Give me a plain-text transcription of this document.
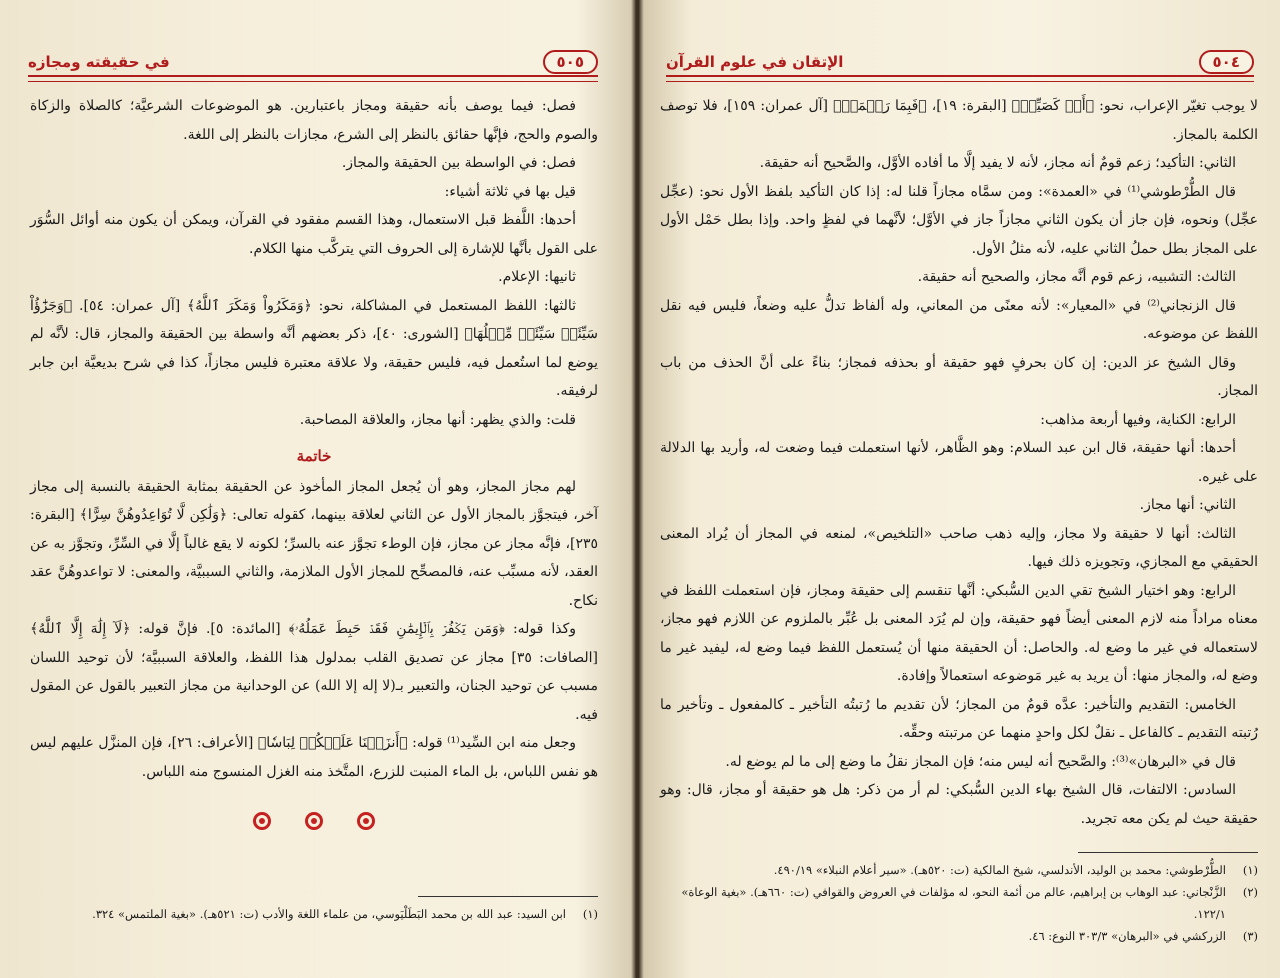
٥٠٥
في حقيقته ومجازه

فصل: فيما يوصف بأنه حقيقة ومجاز باعتبارين. هو الموضوعات الشرعيَّة؛ كالصلاة والزكاة والصوم والحج، فإنَّها حقائق بالنظر إلى الشرع، مجازات بالنظر إلى اللغة.

فصل: في الواسطة بين الحقيقة والمجاز.

قيل بها في ثلاثة أشياء:

أحدها: اللَّفظ قبل الاستعمال، وهذا القسم مفقود في القرآن، ويمكن أن يكون منه أوائل السُّوَر على القول بأنَّها للإشارة إلى الحروف التي يتركَّب منها الكلام.

ثانيها: الإعلام.

ثالثها: اللفظ المستعمل في المشاكلة، نحو: ﴿وَمَكَرُواْ وَمَكَرَ ٱللَّهُ﴾ [آل عمران: ٥٤]. ﴿وَجَزَٰٓؤُاْ سَيِّئَةٖ سَيِّئَةٞ مِّثۡلُهَا﴾ [الشورى: ٤٠]، ذكر بعضهم أنَّه واسطة بين الحقيقة والمجاز، قال: لأنَّه لم يوضع لما استُعمل فيه، فليس حقيقة، ولا علاقة معتبرة فليس مجازاً، كذا في شرح بديعيَّة ابن جابر لرفيقه.

قلت: والذي يظهر: أنها مجاز، والعلاقة المصاحبة.

خاتمة

لهم مجاز المجاز، وهو أن يُجعل المجاز المأخوذ عن الحقيقة بمثابة الحقيقة بالنسبة إلى مجاز آخر، فيتجوَّز بالمجاز الأول عن الثاني لعلاقة بينهما، كقوله تعالى: ﴿وَلَٰكِن لَّا تُوَاعِدُوهُنَّ سِرًّا﴾ [البقرة: ٢٣٥]، فإنَّه مجاز عن مجاز، فإن الوطء تجوَّز عنه بالسرِّ؛ لكونه لا يقع غالباً إلَّا في السِّرِّ، وتجوَّز به عن العقد، لأنه مسبِّب عنه، فالمصحِّح للمجاز الأول الملازمة، والثاني السببيَّة، والمعنى: لا تواعدوهُنَّ عقد نكاح.

وكذا قوله: ﴿وَمَن يَكۡفُرۡ بِٱلۡإِيمَٰنِ فَقَدۡ حَبِطَ عَمَلُهُۥ﴾ [المائدة: ٥]. فإنَّ قوله: ﴿لَآ إِلَٰهَ إِلَّا ٱللَّهُ﴾ [الصافات: ٣٥] مجاز عن تصديق القلب بمدلول هذا اللفظ، والعلاقة السببيَّة؛ لأن توحيد اللسان مسبب عن توحيد الجنان، والتعبير بـ(لا إله إلا الله) عن الوحدانية من مجاز التعبير بالقول عن المقول فيه.

وجعل منه ابن السِّيد⁽¹⁾ قوله: ﴿أَنزَلۡنَا عَلَيۡكُمۡ لِبَاسٗا﴾ [الأعراف: ٢٦]، فإن المنزَّل عليهم ليس هو نفس اللباس، بل الماء المنبت للزرع، المتَّخذ منه الغزل المنسوج منه اللباس.

(١)
ابن السيد: عبد الله بن محمد البَطَلْيَوسي، من علماء اللغة والأدب (ت: ٥٢١هـ). «بغية الملتمس» ٣٢٤.
٥٠٤
الإتقان في علوم القرآن

لا يوجب تغيّر الإعراب، نحو: ﴿أَوۡ كَصَيِّبٖ﴾ [البقرة: ١٩]، ﴿فَبِمَا رَحۡمَةٖ﴾ [آل عمران: ١٥٩]، فلا توصف الكلمة بالمجاز.

الثاني: التأكيد؛ زعم قومٌ أنه مجاز، لأنه لا يفيد إلَّا ما أفاده الأوَّل، والصَّحيح أنه حقيقة.

قال الطُّرْطوشي⁽¹⁾ في «العمدة»: ومن سمَّاه مجازاً قلنا له: إذا كان التأكيد بلفظ الأول نحو: (عجِّل عجِّل) ونحوه، فإن جاز أن يكون الثاني مجازاً جاز في الأوَّل؛ لأنَّهما في لفظٍ واحد. وإذا بطل حَمْل الأول على المجاز بطل حملُ الثاني عليه، لأنه مثلُ الأول.

الثالث: التشبيه، زعم قوم أنَّه مجاز، والصحيح أنه حقيقة.

قال الزنجاني⁽²⁾ في «المعيار»: لأنه معنًى من المعاني، وله ألفاظ تدلُّ عليه وضعاً، فليس فيه نقل اللفظ عن موضوعه.

وقال الشيخ عز الدين: إن كان بحرفٍ فهو حقيقة أو بحذفه فمجاز؛ بناءً على أنَّ الحذف من باب المجاز.

الرابع: الكناية، وفيها أربعة مذاهب:

أحدها: أنها حقيقة، قال ابن عبد السلام: وهو الظَّاهر، لأنها استعملت فيما وضعت له، وأريد بها الدلالة على غيره.

الثاني: أنها مجاز.

الثالث: أنها لا حقيقة ولا مجاز، وإليه ذهب صاحب «التلخيص»، لمنعه في المجاز أن يُراد المعنى الحقيقي مع المجازي، وتجويزه ذلك فيها.

الرابع: وهو اختيار الشيخ تقي الدين السُّبكي: أنَّها تنقسم إلى حقيقة ومجاز، فإن استعملت اللفظ في معناه مراداً منه لازم المعنى أيضاً فهو حقيقة، وإن لم يُرَد المعنى بل عُبِّر بالملزوم عن اللازم فهو مجاز، لاستعماله في غير ما وضع له. والحاصل: أن الحقيقة منها أن يُستعمل اللفظ فيما وضع له، ليفيد غير ما وضع له، والمجاز منها: أن يريد به غير مَوضوعه استعمالاً وإفادة.

الخامس: التقديم والتأخير: عدَّه قومٌ من المجاز؛ لأن تقديم ما رُتبتُه التأخير ـ كالمفعول ـ وتأخير ما رُتبته التقديم ـ كالفاعل ـ نقلٌ لكل واحدٍ منهما عن مرتبته وحقِّه.

قال في «البرهان»⁽³⁾: والصَّحيح أنه ليس منه؛ فإن المجاز نقلُ ما وضع إلى ما لم يوضع له.

السادس: الالتفات، قال الشيخ بهاء الدين السُّبكي: لم أر من ذكر: هل هو حقيقة أو مجاز، قال: وهو حقيقة حيث لم يكن معه تجريد.

(١)
الطُّرْطوشي: محمد بن الوليد، الأندلسي، شيخ المالكية (ت: ٥٢٠هـ). «سير أعلام النبلاء» ٤٩٠/١٩.
(٢)
الزَّنْجاني: عبد الوهاب بن إبراهيم، عالم من أئمة النحو، له مؤلفات في العروض والقوافي (ت: ٦٦٠هـ). «بغية الوعاة» ١٢٢/١.
(٣)
الزركشي في «البرهان» ٣٠٣/٣ النوع: ٤٦.
